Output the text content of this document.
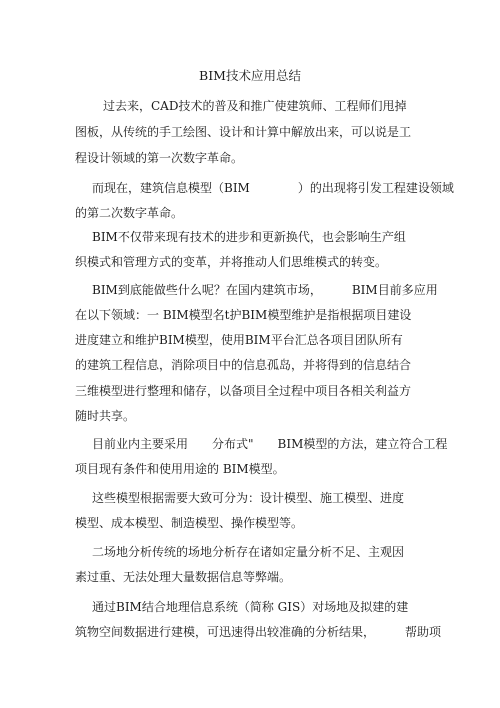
BIM技术应用总结
过去来，CAD技术的普及和推广使建筑师、工程师们甩掉
图板，从传统的手工绘图、设计和计算中解放出来，可以说是工
程设计领域的第一次数字革命。
而现在，建筑信息模型（BIM　　　　）的出现将引发工程建设领域
的第二次数字革命。
BIM不仅带来现有技术的进步和更新换代，也会影响生产组
织模式和管理方式的变革，并将推动人们思维模式的转变。
BIM到底能做些什么呢？在国内建筑市场，　　　BIM目前多应用
在以下领域：一 BIM模型名t护BIM模型维护是指根据项目建设
进度建立和维护BIM模型，使用BIM平台汇总各项目团队所有
的建筑工程信息，消除项目中的信息孤岛，并将得到的信息结合
三维模型进行整理和储存，以备项目全过程中项目各相关利益方
随时共享。
目前业内主要采用　　分布式"　　BIM模型的方法，建立符合工程
项目现有条件和使用用途的 BIM模型。
这些模型根据需要大致可分为：设计模型、施工模型、进度
模型、成本模型、制造模型、操作模型等。
二场地分析传统的场地分析存在诸如定量分析不足、主观因
素过重、无法处理大量数据信息等弊端。
通过BIM结合地理信息系统（简称 GIS）对场地及拟建的建
筑物空间数据进行建模，可迅速得出较准确的分析结果，　　　帮助项
